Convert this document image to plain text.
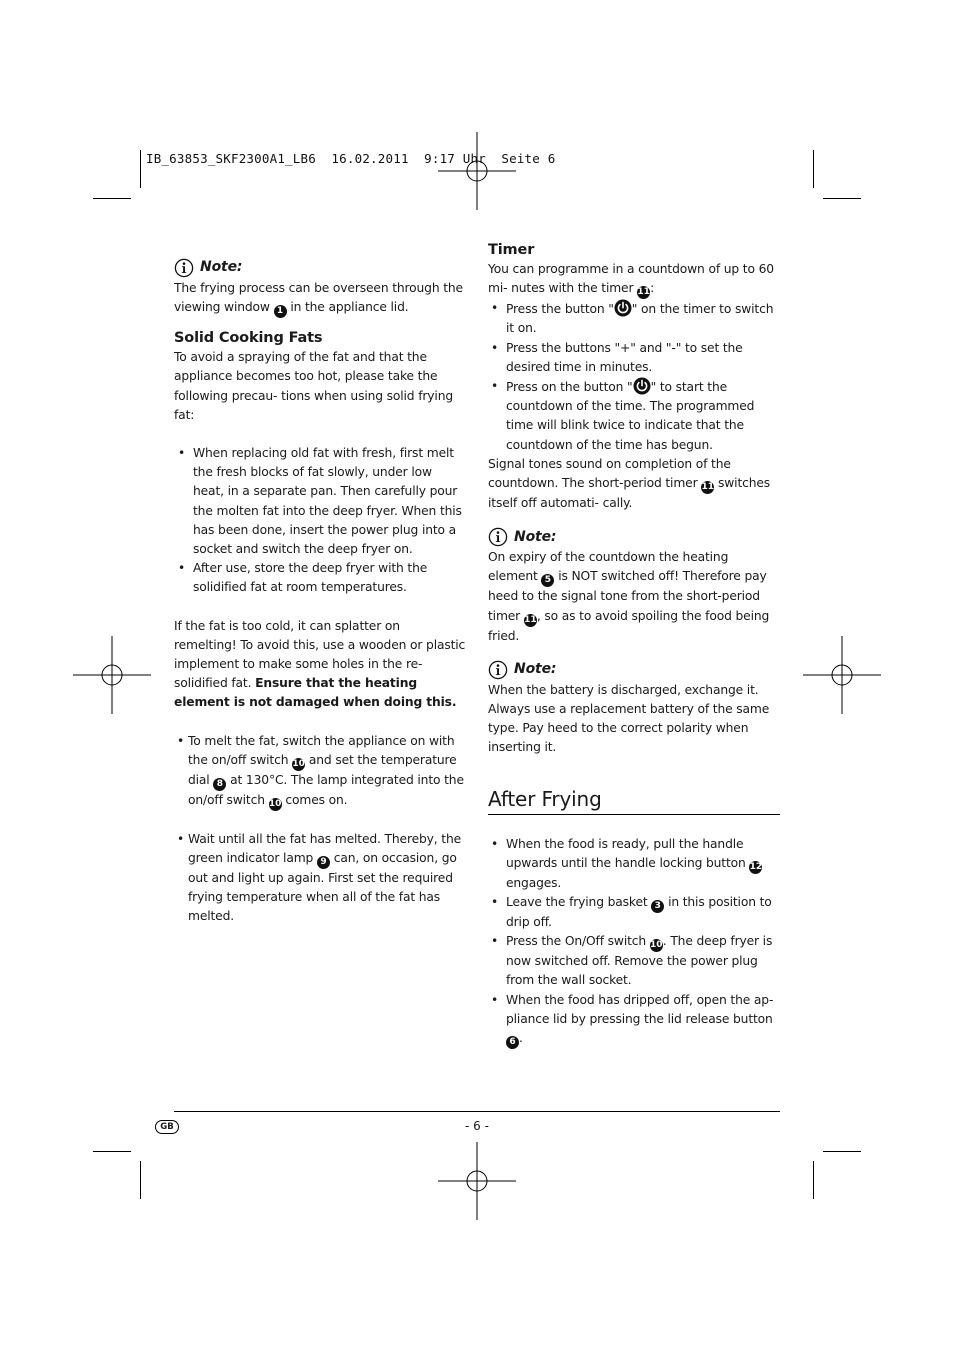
IB_63853_SKF2300A1_LB6  16.02.2011  9:17 Uhr  Seite 6
Note:

The frying process can be overseen through the viewing window 1 in the appliance lid.

Solid Cooking Fats

To avoid a spraying of the fat and that the appliance becomes too hot, please take the following precau- tions when using solid frying fat:

• When replacing old fat with fresh, first melt the fresh blocks of fat slowly, under low heat, in a separate pan. Then carefully pour the molten fat into the deep fryer. When this has been done, insert the power plug into a socket and switch the deep fryer on.
• After use, store the deep fryer with the solidified fat at room temperatures.

If the fat is too cold, it can splatter on remelting! To avoid this, use a wooden or plastic implement to make some holes in the re-solidified fat. Ensure that the heating element is not damaged when doing this.

• To melt the fat, switch the appliance on with the on/off switch 10 and set the temperature dial 8 at 130°C. The lamp integrated into the on/off switch 10 comes on.
• Wait until all the fat has melted. Thereby, the green indicator lamp 9 can, on occasion, go out and light up again. First set the required frying temperature when all of the fat has melted.
Timer

You can programme in a countdown of up to 60 mi- nutes with the timer 11:

• Press the button " " on the timer to switch it on.
• Press the buttons "+" and "-" to set the desired time in minutes.
• Press on the button " " to start the countdown of the time. The programmed time will blink twice to indicate that the countdown of the time has begun.

Signal tones sound on completion of the countdown. The short-period timer 11 switches itself off automati- cally.

Note:

On expiry of the countdown the heating element 5 is NOT switched off! Therefore pay heed to the signal tone from the short-period timer 11, so as to avoid spoiling the food being fried.

Note:

When the battery is discharged, exchange it. Always use a replacement battery of the same type. Pay heed to the correct polarity when inserting it.

After Frying
• When the food is ready, pull the handle upwards until the handle locking button 12 engages.
• Leave the frying basket 3 in this position to drip off.
• Press the On/Off switch 10. The deep fryer is now switched off. Remove the power plug from the wall socket.
• When the food has dripped off, open the ap- pliance lid by pressing the lid release button 6 .
GB	- 6 -
